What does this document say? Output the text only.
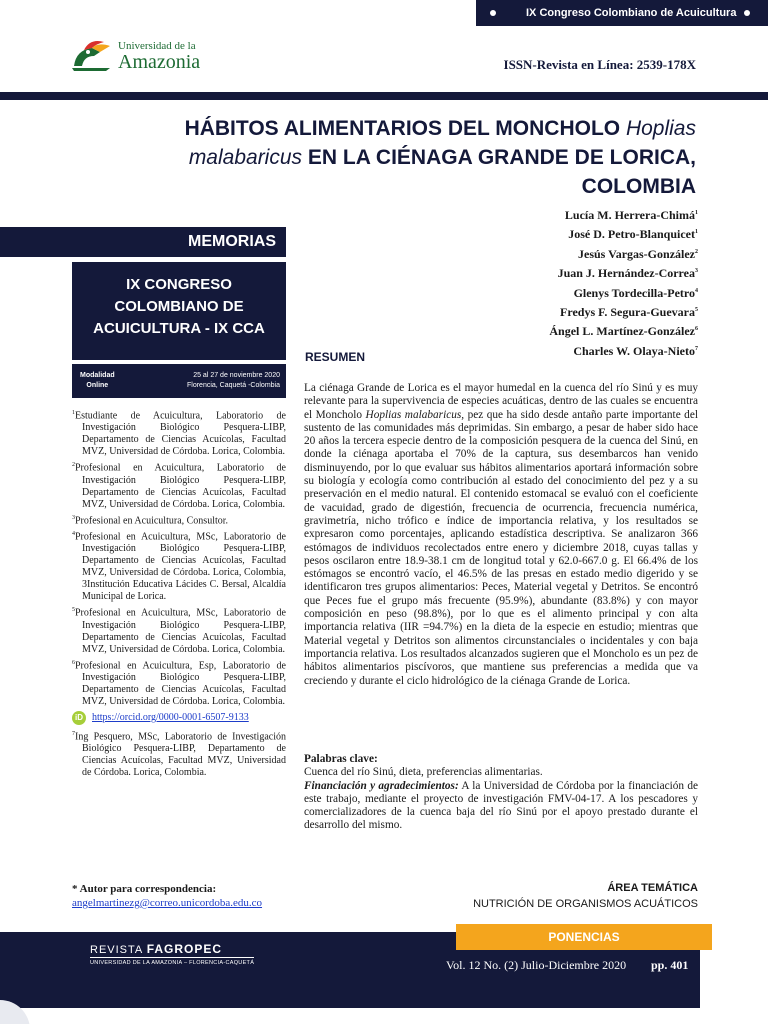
IX Congreso Colombiano de Acuicultura
Universidad de la
Amazonia	ISSN-Revista en Línea: 2539-178X
HÁBITOS ALIMENTARIOS DEL MONCHOLO Hoplias
malabaricus EN LA CIÉNAGA GRANDE DE LORICA,
COLOMBIA
Lucía M. Herrera-Chimá$^1$
José D. Petro-Blanquicet$^1$
Jesús Vargas-González$^2$
Juan J. Hernández-Correa$^3$
Glenys Tordecilla-Petro$^4$
Fredys F. Segura-Guevara$^5$
Ángel L. Martínez-González$^6$
Charles W. Olaya-Nieto$^7$
MEMORIAS
IX CONGRESO
COLOMBIANO DE
ACUICULTURA - IX CCA
Modalidad
Online
25 al 27 de noviembre 2020
Florencia, Caquetá -Colombia
$^1$Estudiante de Acuicultura, Laboratorio de Investigación Biológico Pesquera-LIBP, Departamento de Ciencias Acuícolas, Facultad MVZ, Universidad de Córdoba. Lorica, Colombia.
$^2$Profesional en Acuicultura, Laboratorio de Investigación Biológico Pesquera-LIBP, Departamento de Ciencias Acuícolas, Facultad MVZ, Universidad de Córdoba. Lorica, Colombia.
$^3$Profesional en Acuicultura, Consultor.
$^4$Profesional en Acuicultura, MSc, Laboratorio de Investigación Biológico Pesquera-LIBP, Departamento de Ciencias Acuícolas, Facultad MVZ, Universidad de Córdoba. Lorica, Colombia, 3Institución Educativa Lácides C. Bersal, Alcaldía Municipal de Lorica.
$^5$Profesional en Acuicultura, MSc, Laboratorio de Investigación Biológico Pesquera-LIBP, Departamento de Ciencias Acuícolas, Facultad MVZ, Universidad de Córdoba. Lorica, Colombia.
$^6$Profesional en Acuicultura, Esp, Laboratorio de Investigación Biológico Pesquera-LIBP, Departamento de Ciencias Acuícolas, Facultad MVZ, Universidad de Córdoba. Lorica, Colombia.
iD https://orcid.org/0000-0001-6507-9133
$^7$Ing Pesquero, MSc, Laboratorio de Investigación Biológico Pesquera-LIBP, Departamento de Ciencias Acuícolas, Facultad MVZ, Universidad de Córdoba. Lorica, Colombia.
* Autor para correspondencia:
angelmartinezg@correo.unicordoba.edu.co
RESUMEN
La ciénaga Grande de Lorica es el mayor humedal en la cuenca del río Sinú y es muy relevante para la supervivencia de especies acuáticas, dentro de las cuales se encuentra el Moncholo Hoplias malabaricus, pez que ha sido desde antaño parte importante del sustento de las comunidades más deprimidas. Sin embargo, a pesar de haber sido hace 20 años la tercera especie dentro de la composición pesquera de la cuenca del Sinú, en donde la ciénaga aportaba el 70% de la captura, sus desembarcos han venido disminuyendo, por lo que evaluar sus hábitos alimentarios aportará información sobre su biología y ecología como contribución al estado del conocimiento del pez y a su preservación en el medio natural. El contenido estomacal se evaluó con el coeficiente de vacuidad, grado de digestión, frecuencia de ocurrencia, frecuencia numérica, gravimetría, nicho trófico e índice de importancia relativa, y los resultados se expresaron como porcentajes, aplicando estadística descriptiva. Se analizaron 366 estómagos de individuos recolectados entre enero y diciembre 2018, cuyas tallas y pesos oscilaron entre 18.9-38.1 cm de longitud total y 62.0-667.0 g. El 66.4% de los estómagos se encontró vacío, el 46.5% de las presas en estado medio digerido y se identificaron tres grupos alimentarios: Peces, Material vegetal y Detritos. Se encontró que Peces fue el grupo más frecuente (95.9%), abundante (83.8%) y con mayor composición en peso (98.8%), por lo que es el alimento principal y con alta importancia relativa (IIR =94.7%) en la dieta de la especie en estudio; mientras que Material vegetal y Detritos son alimentos circunstanciales o incidentales y con baja importancia relativa. Los resultados alcanzados sugieren que el Moncholo es un pez de hábitos alimentarios piscívoros, que mantiene sus preferencias a medida que va creciendo y durante el ciclo hidrológico de la ciénaga Grande de Lorica.
Palabras clave:
Cuenca del río Sinú, dieta, preferencias alimentarias.
Financiación y agradecimientos: A la Universidad de Córdoba por la financiación de este trabajo, mediante el proyecto de investigación FMV-04-17. A los pescadores y comercializadores de la cuenca baja del río Sinú por el apoyo prestado durante el desarrollo del mismo.
ÁREA TEMÁTICA
NUTRICIÓN DE ORGANISMOS ACUÁTICOS
REVISTA FAGROPEC
UNIVERSIDAD DE LA AMAZONIA – FLORENCIA-CAQUETÁ
PONENCIAS
Vol. 12 No. (2) Julio-Diciembre 2020 pp. 401
